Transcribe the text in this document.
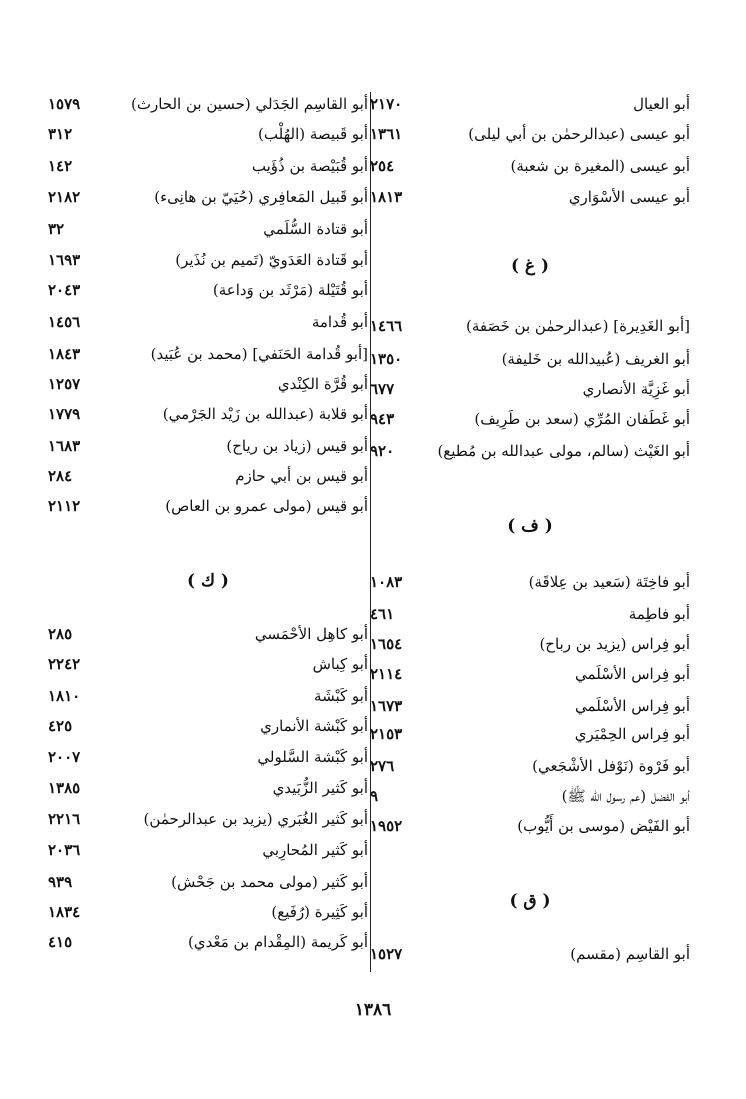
أبو العيال
٢١٧٠
أبو عيسى (عبدالرحمٰن بن أبي ليلى)
١٣٦١
أبو عيسى (المغيرة بن شعبة)
٢٥٤
أبو عيسى الأسْوَاري
١٨١٣
( غ )
[أبو الغَدِيرة] (عبدالرحمٰن بن خَصَفة)
١٤٦٦
أبو الغريف (عُبيدالله بن خَليفة)
١٣٥٠
أبو غَزِيَّة الأنصاري
٦٧٧
أبو غَطَفان المُرِّي (سعد بن طَرِيف)
٩٤٣
أبو الغَيْث (سالم، مولى عبدالله بن مُطيع)
٩٢٠
( ف )
أبو فاخِتَة (سَعيد بن عِلاقَة)
١٠٨٣
أبو فاطِمة
٤٦١
أبو فِراس (يزيد بن رباح)
١٦٥٤
أبو فِراس الأسْلَمي
٢١١٤
أبو فِراس الأسْلَمي
١٦٧٣
أبو فِراس الحِمْيَري
٢١٥٣
أبو فَرْوة (نَوْفل الأشْجَعي)
٢٧٦
أبو الفضل (عم رسول الله ﷺ)
٩
أبو الفَيْض (موسى بن أَيُّوب)
١٩٥٢
( ق )
أبو القاسِم (مقسم)
١٥٢٧
أبو القاسِم الجَدَلي (حسين بن الحارث)
١٥٧٩
أبو قَبيصة (الهُلْب)
٣١٢
أبو قُبَيْصة بن ذُؤَيب
١٤٢
أبو قَبيل المَعافِري (حُيَيّ بن هانِىء)
٢١٨٢
أبو قتادة السُّلَمي
٣٢
أبو قَتادة العَدَويّ (تَميم بن نُذَير)
١٦٩٣
أبو قُتَيْلة (مَرْثَد بن وَداعة)
٢٠٤٣
أبو قُدامة
١٤٥٦
[أبو قُدامة الحَنَفي] (محمد بن عُبَيد)
١٨٤٣
أبو قُرَّة الكِنْدي
١٢٥٧
أبو قلابة (عبدالله بن زَيْد الجَرْمي)
١٧٧٩
أبو قيس (زياد بن رياح)
١٦٨٣
أبو قيس بن أبي حازم
٢٨٤
أبو قيس (مولى عمرو بن العاص)
٢١١٢
( ك )
أبو كاهِل الأحْمَسي
٢٨٥
أبو كِباش
٢٢٤٢
أبو كَبْشَة
١٨١٠
أبو كَبْشة الأنماري
٤٢٥
أبو كَبْشة السَّلولي
٢٠٠٧
أبو كَثير الزُّبَيدي
١٣٨٥
أبو كَثير الغُبَري (يزيد بن عبدالرحمٰن)
٢٢١٦
أبو كَثير المُحارِبي
٢٠٣٦
أبو كَثير (مولى محمد بن جَحْش)
٩٣٩
أبو كَثِيرة (رُفَيع)
١٨٣٤
أبو كَريمة (المِقْدام بن مَعْدي)
٤١٥
١٣٨٦
